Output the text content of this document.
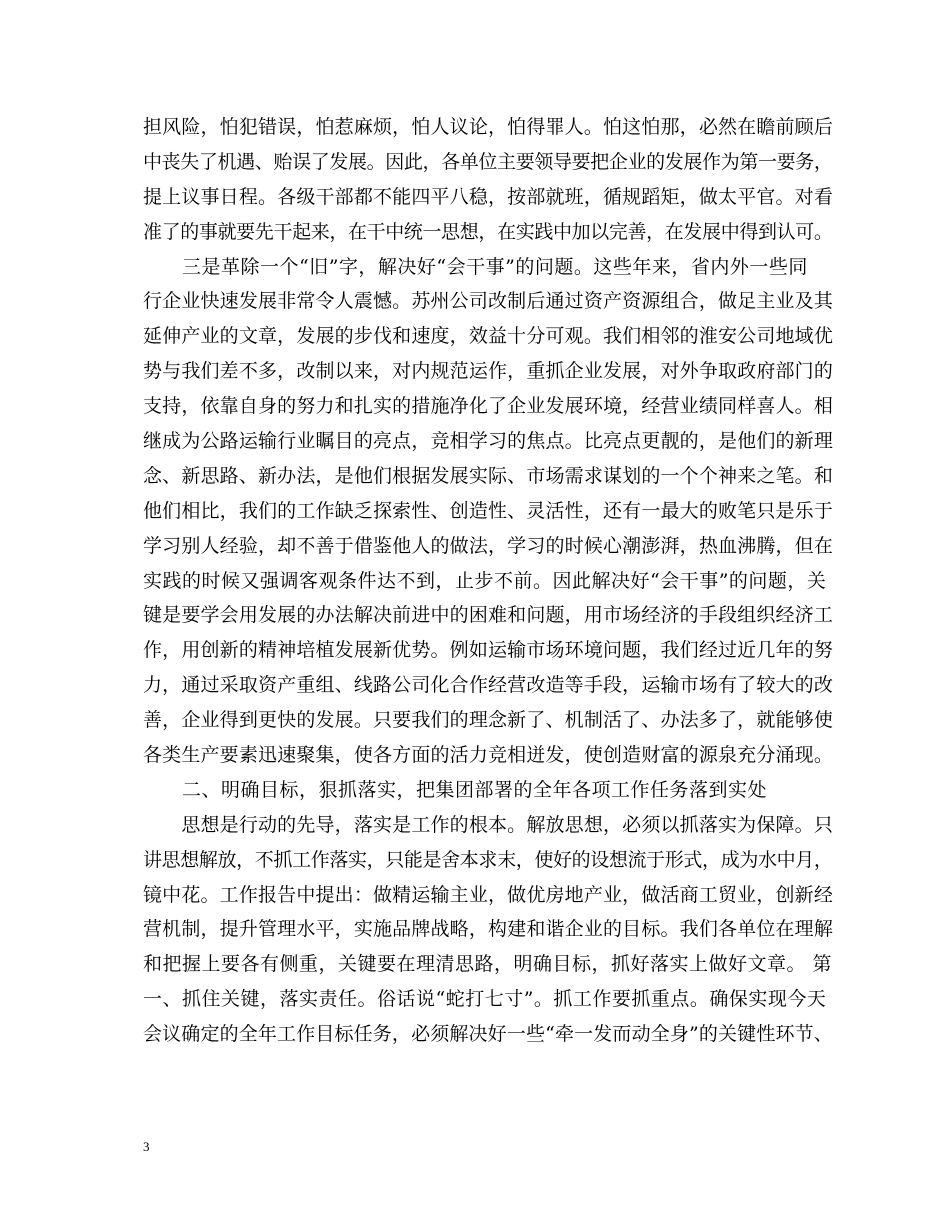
担风险，怕犯错误，怕惹麻烦，怕人议论，怕得罪人。怕这怕那，必然在瞻前顾后
中丧失了机遇、贻误了发展。因此，各单位主要领导要把企业的发展作为第一要务，
提上议事日程。各级干部都不能四平八稳，按部就班，循规蹈矩，做太平官。对看
准了的事就要先干起来，在干中统一思想，在实践中加以完善，在发展中得到认可。
　　三是革除一个“旧”字，解决好“会干事”的问题。这些年来，省内外一些同
行企业快速发展非常令人震憾。苏州公司改制后通过资产资源组合，做足主业及其
延伸产业的文章，发展的步伐和速度，效益十分可观。我们相邻的淮安公司地域优
势与我们差不多，改制以来，对内规范运作，重抓企业发展，对外争取政府部门的
支持，依靠自身的努力和扎实的措施净化了企业发展环境，经营业绩同样喜人。相
继成为公路运输行业瞩目的亮点，竞相学习的焦点。比亮点更靓的，是他们的新理
念、新思路、新办法，是他们根据发展实际、市场需求谋划的一个个神来之笔。和
他们相比，我们的工作缺乏探索性、创造性、灵活性，还有一最大的败笔只是乐于
学习别人经验，却不善于借鉴他人的做法，学习的时候心潮澎湃，热血沸腾，但在
实践的时候又强调客观条件达不到，止步不前。因此解决好“会干事”的问题，关
键是要学会用发展的办法解决前进中的困难和问题，用市场经济的手段组织经济工
作，用创新的精神培植发展新优势。例如运输市场环境问题，我们经过近几年的努
力，通过采取资产重组、线路公司化合作经营改造等手段，运输市场有了较大的改
善，企业得到更快的发展。只要我们的理念新了、机制活了、办法多了，就能够使
各类生产要素迅速聚集，使各方面的活力竞相迸发，使创造财富的源泉充分涌现。
　　二、明确目标，狠抓落实，把集团部署的全年各项工作任务落到实处
　　思想是行动的先导，落实是工作的根本。解放思想，必须以抓落实为保障。只
讲思想解放，不抓工作落实，只能是舍本求末，使好的设想流于形式，成为水中月，
镜中花。工作报告中提出：做精运输主业，做优房地产业，做活商工贸业，创新经
营机制，提升管理水平，实施品牌战略，构建和谐企业的目标。我们各单位在理解
和把握上要各有侧重，关键要在理清思路，明确目标，抓好落实上做好文章。 第
一、抓住关键，落实责任。俗话说“蛇打七寸”。抓工作要抓重点。确保实现今天
会议确定的全年工作目标任务，必须解决好一些“牵一发而动全身”的关键性环节、
3
